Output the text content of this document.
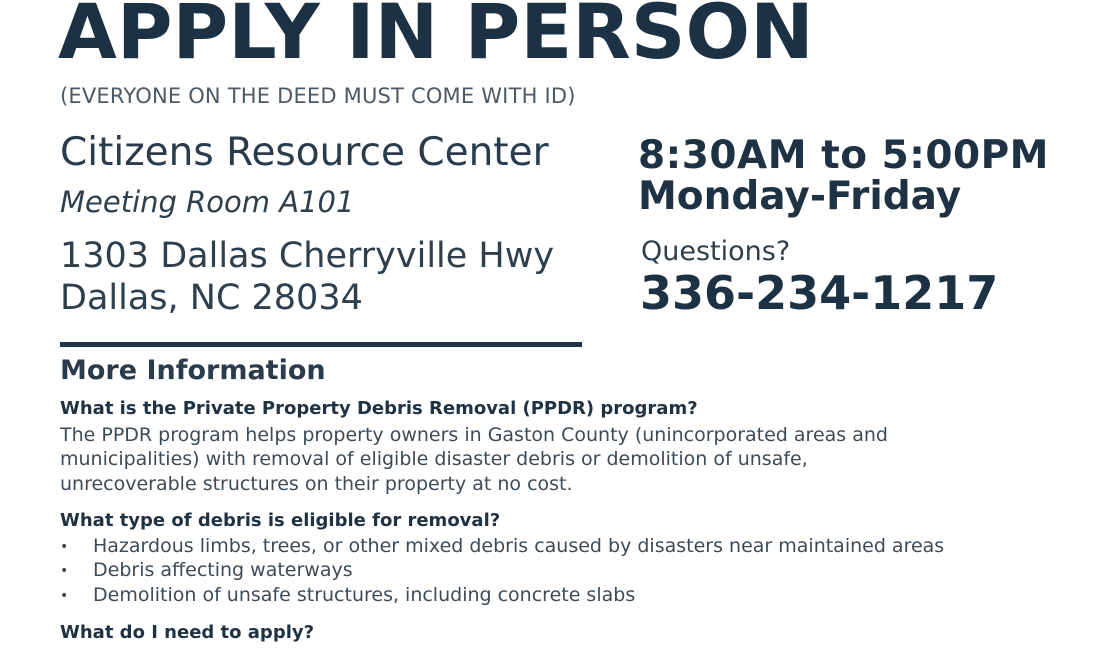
APPLY IN PERSON
(EVERYONE ON THE DEED MUST COME WITH ID)
Citizens Resource Center
Meeting Room A101
1303 Dallas Cherryville Hwy
Dallas, NC 28034
8:30AM to 5:00PM
Monday-Friday
Questions?
336-234-1217
More Information
What is the Private Property Debris Removal (PPDR) program?
The PPDR program helps property owners in Gaston County (unincorporated areas and
municipalities) with removal of eligible disaster debris or demolition of unsafe,
unrecoverable structures on their property at no cost.
What type of debris is eligible for removal?
• Hazardous limbs, trees, or other mixed debris caused by disasters near maintained areas
• Debris affecting waterways
• Demolition of unsafe structures, including concrete slabs
What do I need to apply?
